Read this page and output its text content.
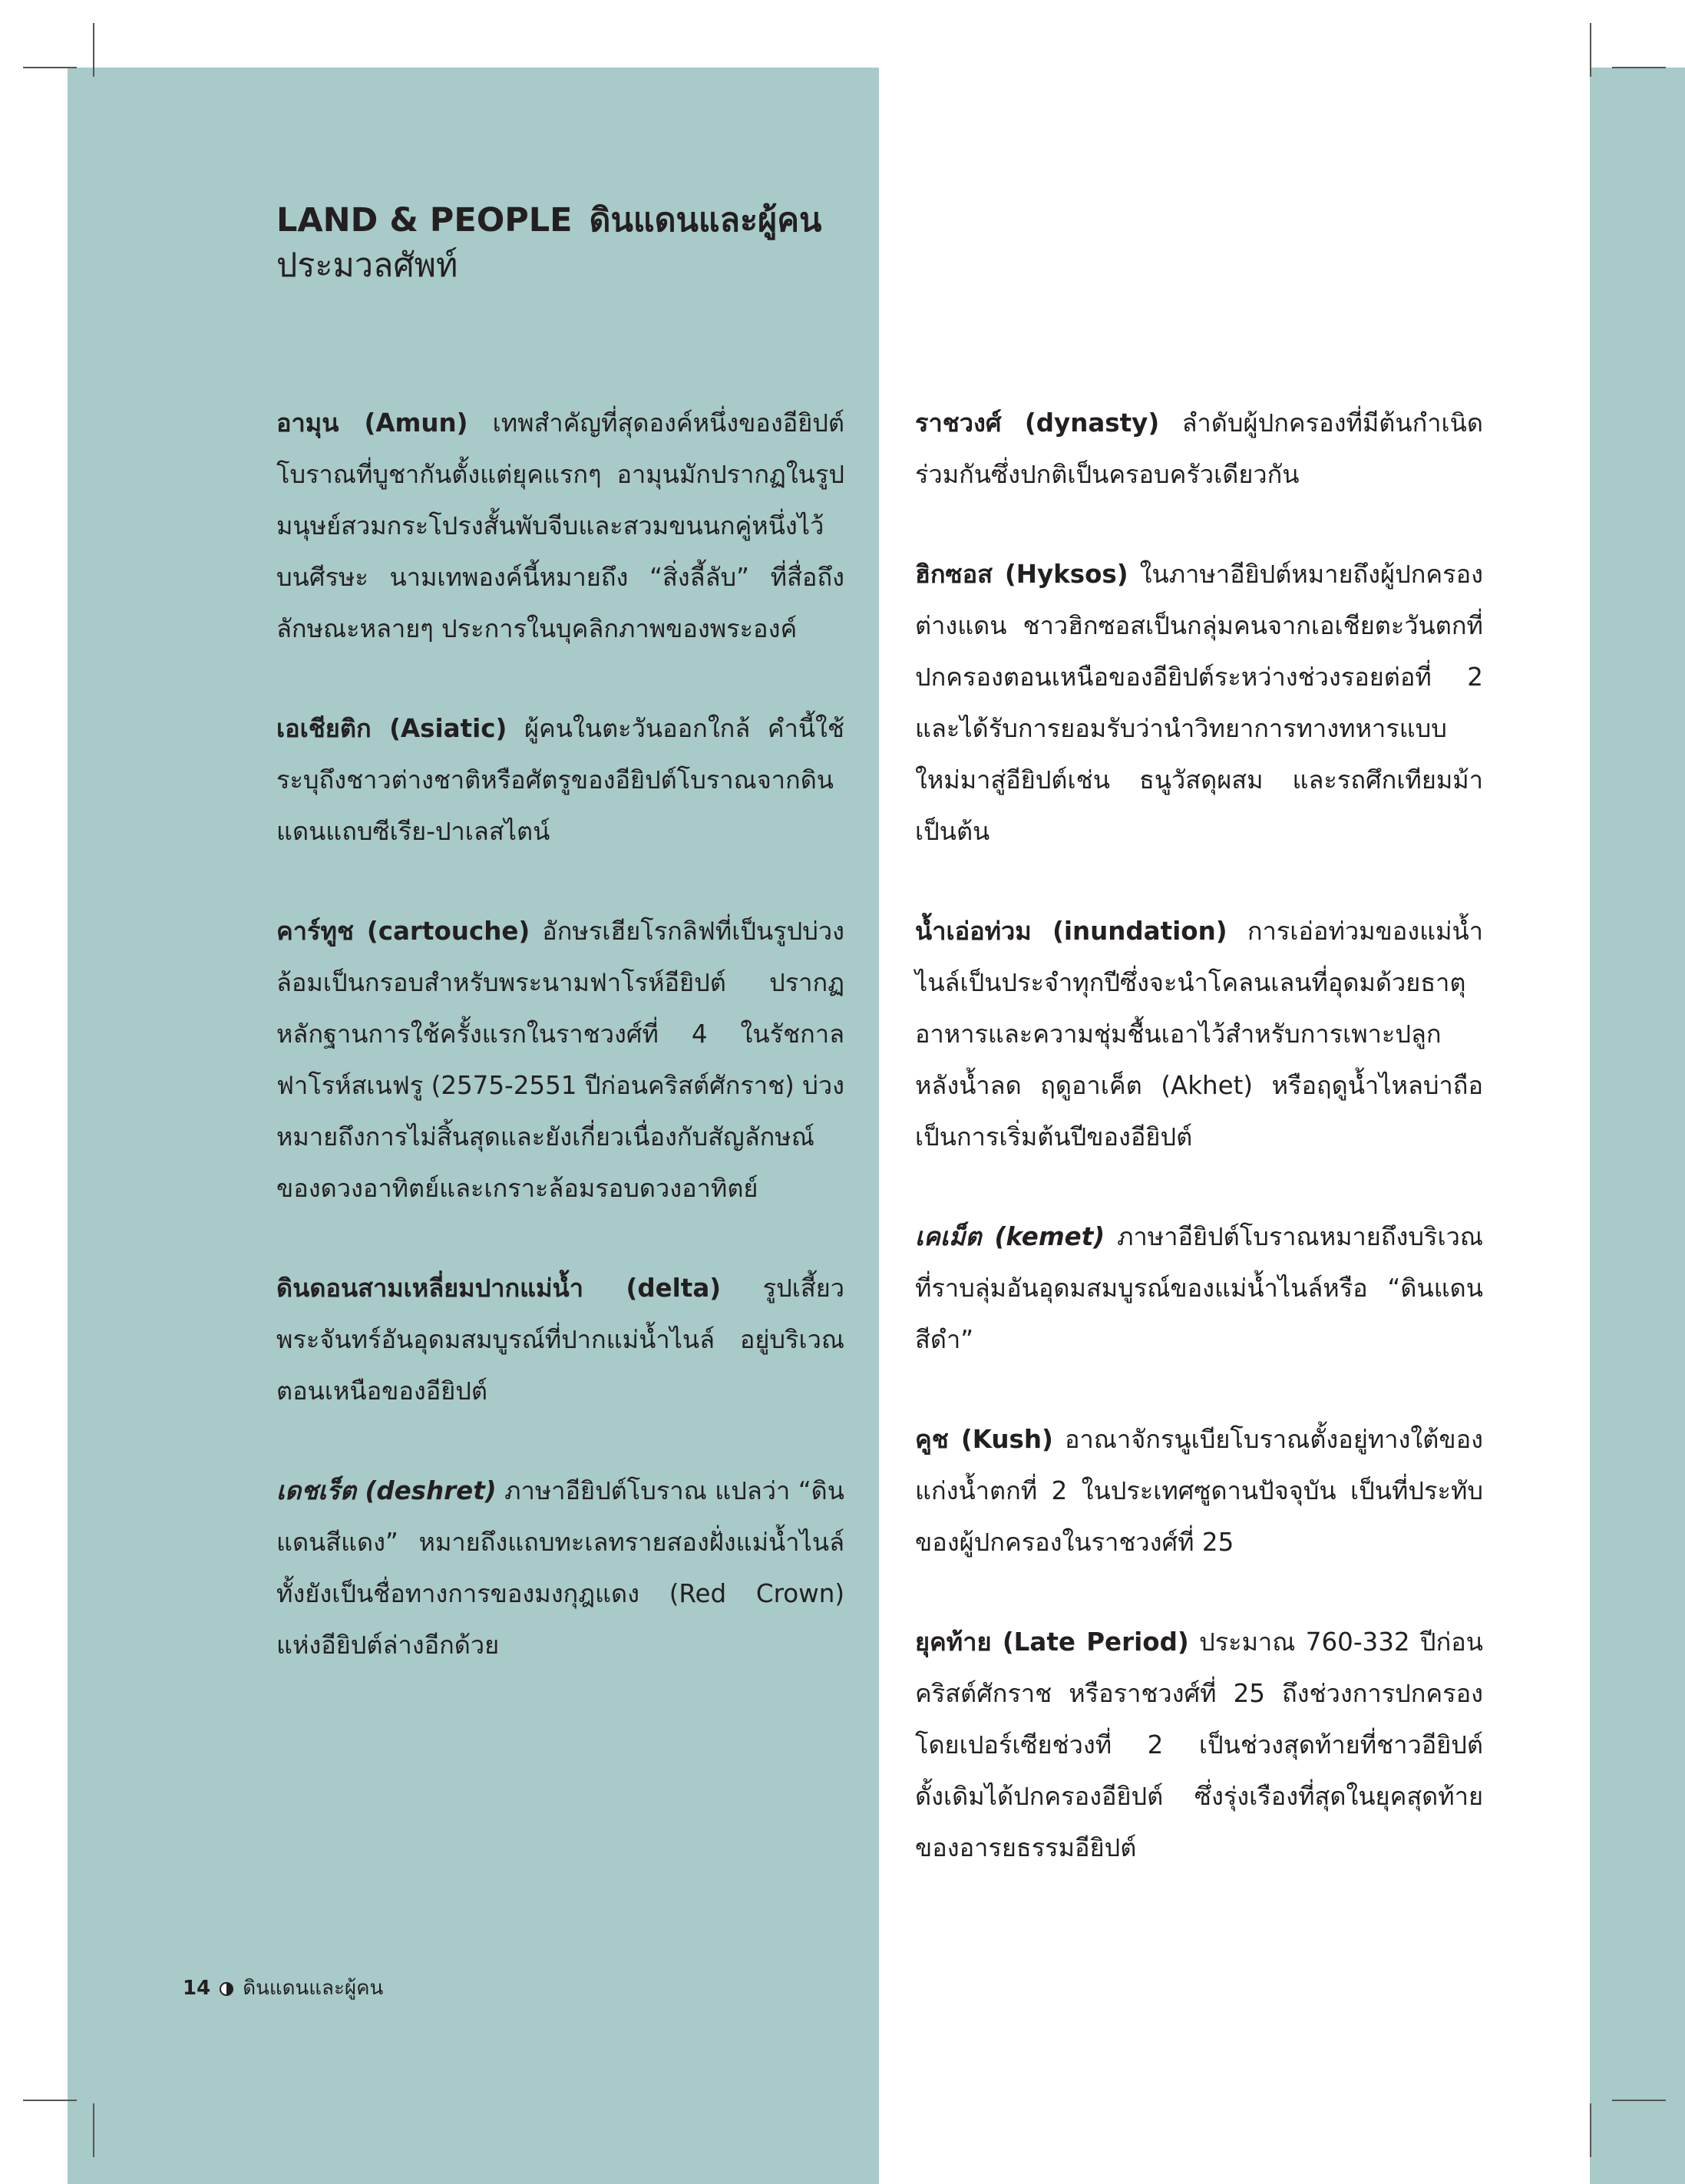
LAND & PEOPLE ดินแดนและผู้คน
ประมวลศัพท์

อามุน (Amun) เทพสำคัญที่สุดองค์หนึ่งของอียิปต์โบราณที่บูชากันตั้งแต่ยุคแรกๆ อามุนมักปรากฏในรูปมนุษย์สวมกระโปรงสั้นพับจีบและสวมขนนกคู่หนึ่งไว้บนศีรษะ นามเทพองค์นี้หมายถึง “สิ่งลี้ลับ” ที่สื่อถึงลักษณะหลายๆ ประการในบุคลิกภาพของพระองค์

เอเชียติก (Asiatic) ผู้คนในตะวันออกใกล้ คำนี้ใช้ระบุถึงชาวต่างชาติหรือศัตรูของอียิปต์โบราณจากดินแดนแถบซีเรีย-ปาเลสไตน์

คาร์ทูช (cartouche) อักษรเฮียโรกลิฟที่เป็นรูปบ่วงล้อมเป็นกรอบสำหรับพระนามฟาโรห์อียิปต์ ปรากฏหลักฐานการใช้ครั้งแรกในราชวงศ์ที่ 4 ในรัชกาลฟาโรห์สเนฟรู (2575-2551 ปีก่อนคริสต์ศักราช) บ่วงหมายถึงการไม่สิ้นสุดและยังเกี่ยวเนื่องกับสัญลักษณ์ของดวงอาทิตย์และเกราะล้อมรอบดวงอาทิตย์

ดินดอนสามเหลี่ยมปากแม่น้ำ (delta) รูปเสี้ยวพระจันทร์อันอุดมสมบูรณ์ที่ปากแม่น้ำไนล์ อยู่บริเวณตอนเหนือของอียิปต์

เดชเร็ต (deshret) ภาษาอียิปต์โบราณ แปลว่า “ดินแดนสีแดง” หมายถึงแถบทะเลทรายสองฝั่งแม่น้ำไนล์ ทั้งยังเป็นชื่อทางการของมงกุฎแดง (Red Crown) แห่งอียิปต์ล่างอีกด้วย

ราชวงศ์ (dynasty) ลำดับผู้ปกครองที่มีต้นกำเนิดร่วมกันซึ่งปกติเป็นครอบครัวเดียวกัน

ฮิกซอส (Hyksos) ในภาษาอียิปต์หมายถึงผู้ปกครองต่างแดน ชาวฮิกซอสเป็นกลุ่มคนจากเอเชียตะวันตกที่ปกครองตอนเหนือของอียิปต์ระหว่างช่วงรอยต่อที่ 2 และได้รับการยอมรับว่านำวิทยาการทางทหารแบบใหม่มาสู่อียิปต์เช่น ธนูวัสดุผสม และรถศึกเทียมม้า เป็นต้น

น้ำเอ่อท่วม (inundation) การเอ่อท่วมของแม่น้ำไนล์เป็นประจำทุกปีซึ่งจะนำโคลนเลนที่อุดมด้วยธาตุอาหารและความชุ่มชื้นเอาไว้สำหรับการเพาะปลูกหลังน้ำลด ฤดูอาเค็ต (Akhet) หรือฤดูน้ำไหลบ่าถือเป็นการเริ่มต้นปีของอียิปต์

เคเม็ต (kemet) ภาษาอียิปต์โบราณหมายถึงบริเวณที่ราบลุ่มอันอุดมสมบูรณ์ของแม่น้ำไนล์หรือ “ดินแดนสีดำ”

คูช (Kush) อาณาจักรนูเบียโบราณตั้งอยู่ทางใต้ของแก่งน้ำตกที่ 2 ในประเทศซูดานปัจจุบัน เป็นที่ประทับของผู้ปกครองในราชวงศ์ที่ 25

ยุคท้าย (Late Period) ประมาณ 760-332 ปีก่อนคริสต์ศักราช หรือราชวงศ์ที่ 25 ถึงช่วงการปกครองโดยเปอร์เซียช่วงที่ 2 เป็นช่วงสุดท้ายที่ชาวอียิปต์ดั้งเดิมได้ปกครองอียิปต์ ซึ่งรุ่งเรืองที่สุดในยุคสุดท้ายของอารยธรรมอียิปต์

14 ดินแดนและผู้คน
